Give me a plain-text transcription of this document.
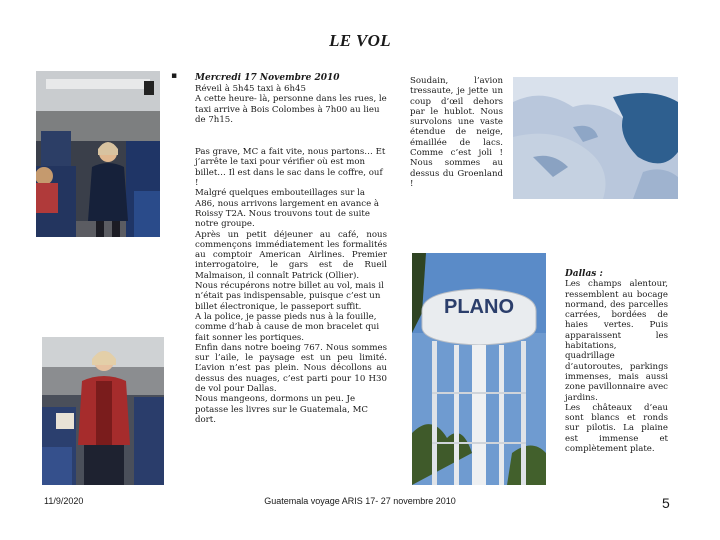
LE VOL
PLANO
▪ Mercredi 17 Novembre 2010

Réveil à 5h45 taxi à 6h45

A cette heure- là, personne dans les rues, le taxi arrive à Bois Colombes à 7h00 au lieu de 7h15.

Pas grave, MC a fait vite, nous partons… Et j’arrête le taxi pour vérifier où est mon billet… Il est dans le sac dans le coffre, ouf !

Malgré quelques embouteillages sur la A86, nous arrivons largement en avance à Roissy T2A. Nous trouvons tout de suite notre groupe.

Après un petit déjeuner au café, nous commençons immédiatement les formalités au comptoir American Airlines. Premier interrogatoire, le gars est de Rueil Malmaison, il connaît Patrick (Ollier).

Nous récupérons notre billet au vol, mais il n’était pas indispensable, puisque c’est un billet électronique, le passeport suffit.

A la police, je passe pieds nus à la fouille, comme d’hab à cause de mon bracelet qui fait sonner les portiques.

Enfin dans notre boeing 767. Nous sommes sur l’aile, le paysage est un peu limité. L’avion n’est pas plein. Nous décollons au dessus des nuages, c’est parti pour 10 H30 de vol pour Dallas.

Nous mangeons, dormons un peu. Je potasse les livres sur le Guatemala, MC dort.

Soudain, l’avion tressaute, je jette un coup d’œil dehors par le hublot. Nous survolons une vaste étendue de neige, émaillée de lacs. Comme c’est joli ! Nous sommes au dessus du Groenland !
Dallas :
Les champs alentour, ressemblent au bocage normand, des parcelles carrées, bordées de haies vertes. Puis apparaissent les habitations, quadrillage d’autoroutes, parkings immenses, mais aussi zone pavillonnaire avec jardins.
Les châteaux d’eau sont blancs et ronds sur pilotis. La plaine est immense et complètement plate.
11/9/2020	Guatemala voyage ARIS 17- 27 novembre 2010	5
